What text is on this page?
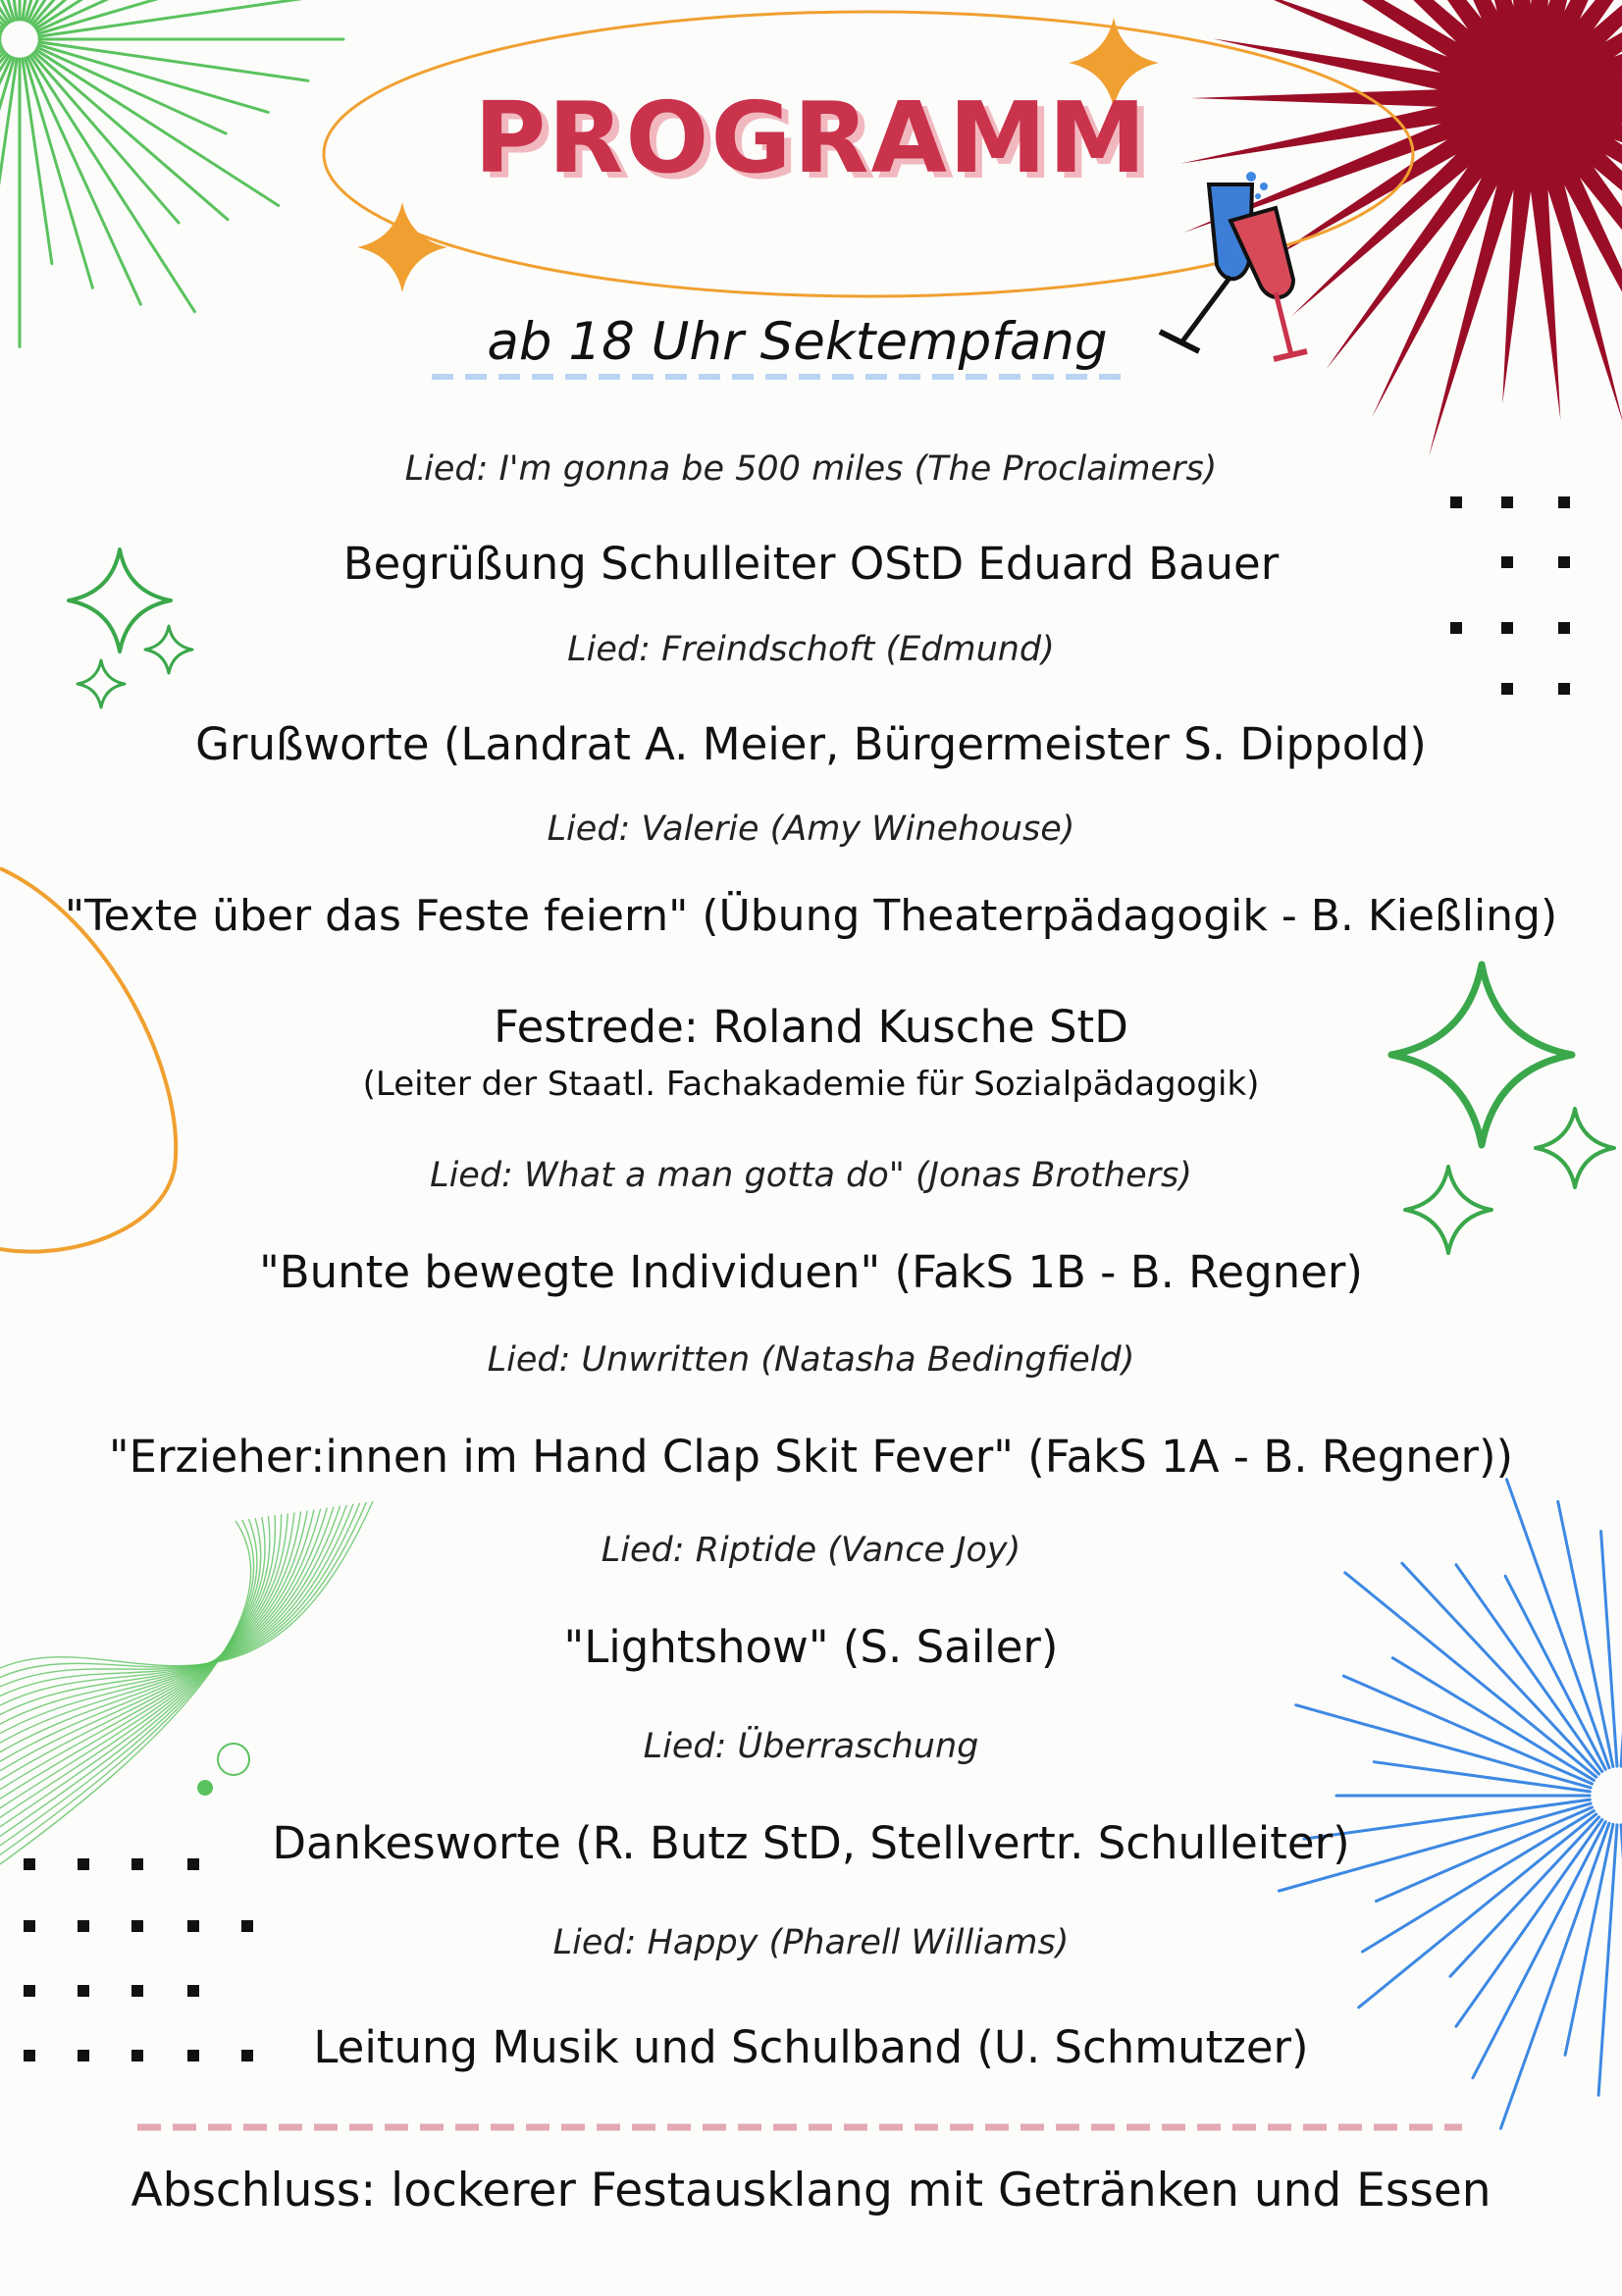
PROGRAMM
ab 18 Uhr Sektempfang
Lied: I'm gonna be 500 miles (The Proclaimers)
Begrüßung Schulleiter OStD Eduard Bauer
Lied: Freindschoft (Edmund)
Grußworte (Landrat A. Meier, Bürgermeister S. Dippold)
Lied: Valerie (Amy Winehouse)
"Texte über das Feste feiern" (Übung Theaterpädagogik - B. Kießling)
Festrede: Roland Kusche StD
(Leiter der Staatl. Fachakademie für Sozialpädagogik)
Lied: What a man gotta do" (Jonas Brothers)
"Bunte bewegte Individuen" (FakS 1B - B. Regner)
Lied: Unwritten (Natasha Bedingfield)
"Erzieher:innen im Hand Clap Skit Fever" (FakS 1A - B. Regner))
Lied: Riptide (Vance Joy)
"Lightshow" (S. Sailer)
Lied: Überraschung
Dankesworte (R. Butz StD, Stellvertr. Schulleiter)
Lied: Happy (Pharell Williams)
Leitung Musik und Schulband (U. Schmutzer)
Abschluss: lockerer Festausklang mit Getränken und Essen
